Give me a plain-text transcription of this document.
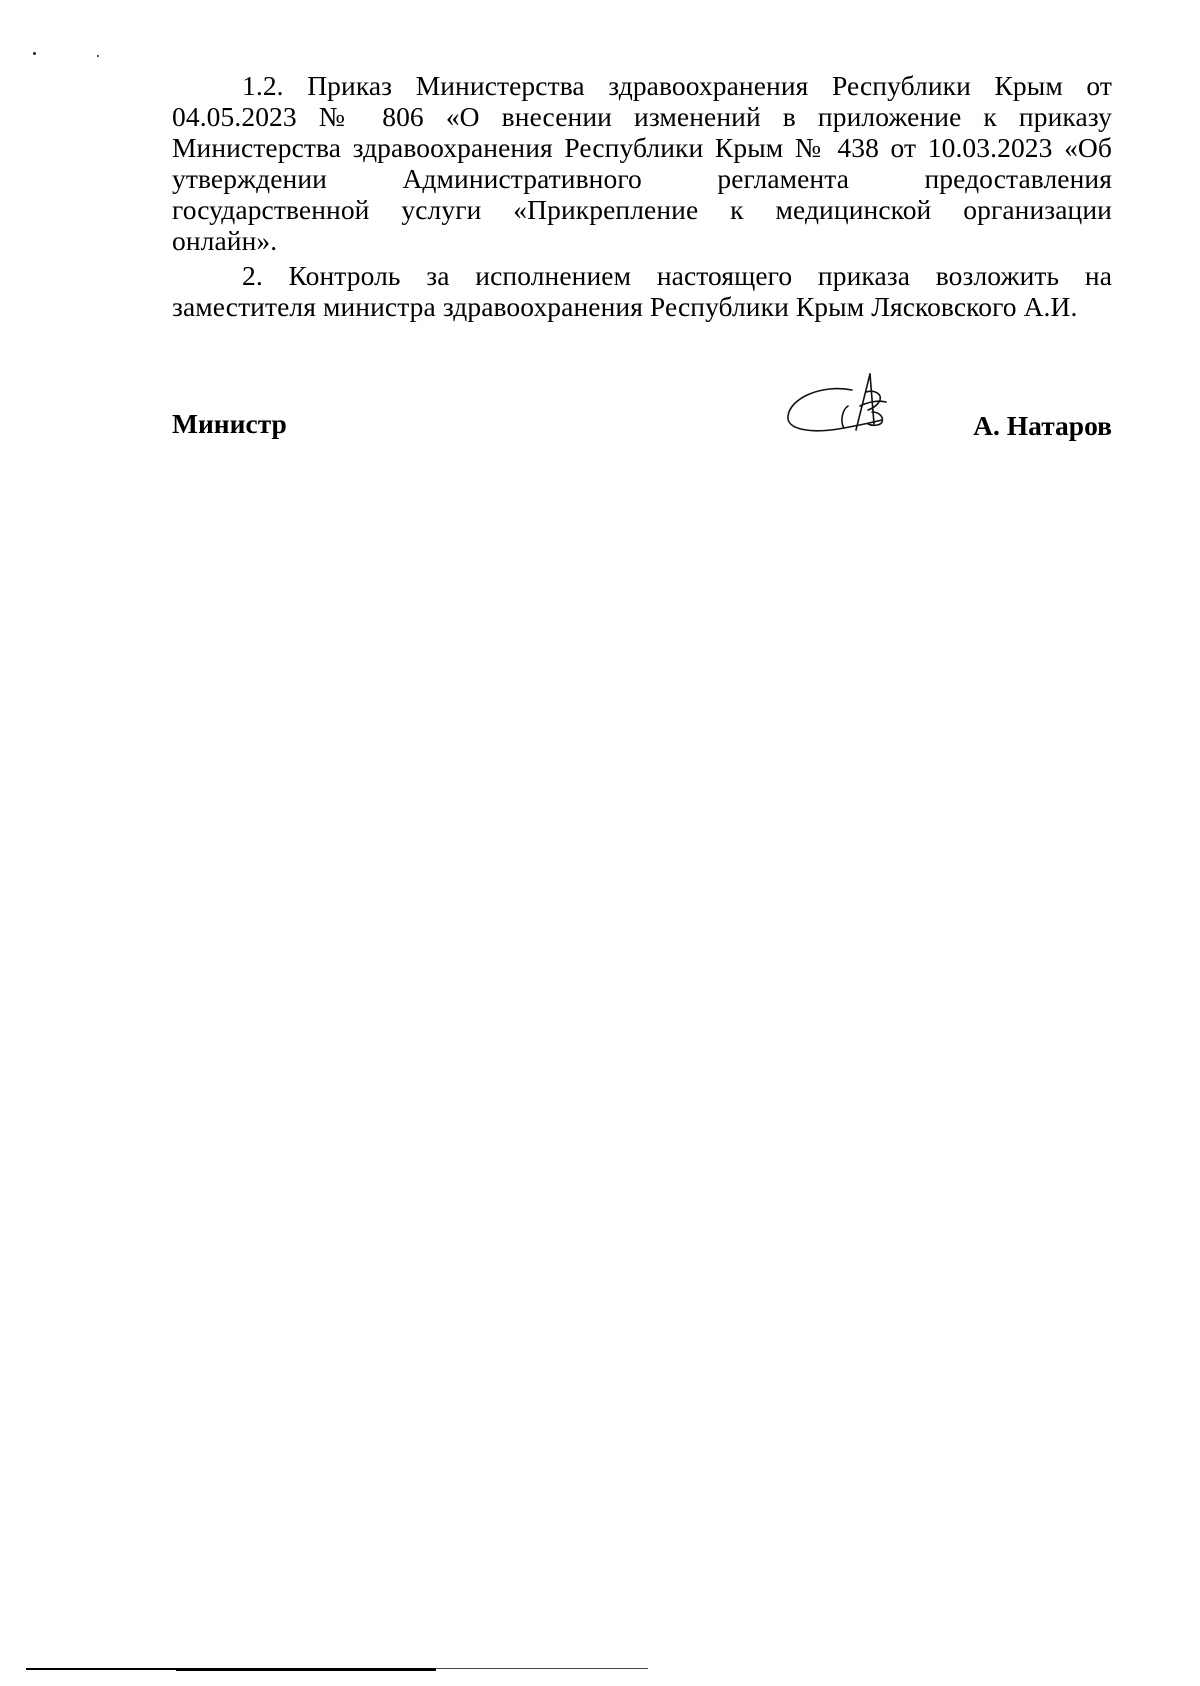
1.2. Приказ Министерства здравоохранения Республики Крым от
04.05.2023 № 806 «О внесении изменений в приложение к приказу
Министерства здравоохранения Республики Крым № 438 от 10.03.2023 «Об
утверждении Административного регламента предоставления
государственной услуги «Прикрепление к медицинской организации
онлайн».

2. Контроль за исполнением настоящего приказа возложить на
заместителя министра здравоохранения Республики Крым Лясковского А.И.

Министр	А. Натаров
